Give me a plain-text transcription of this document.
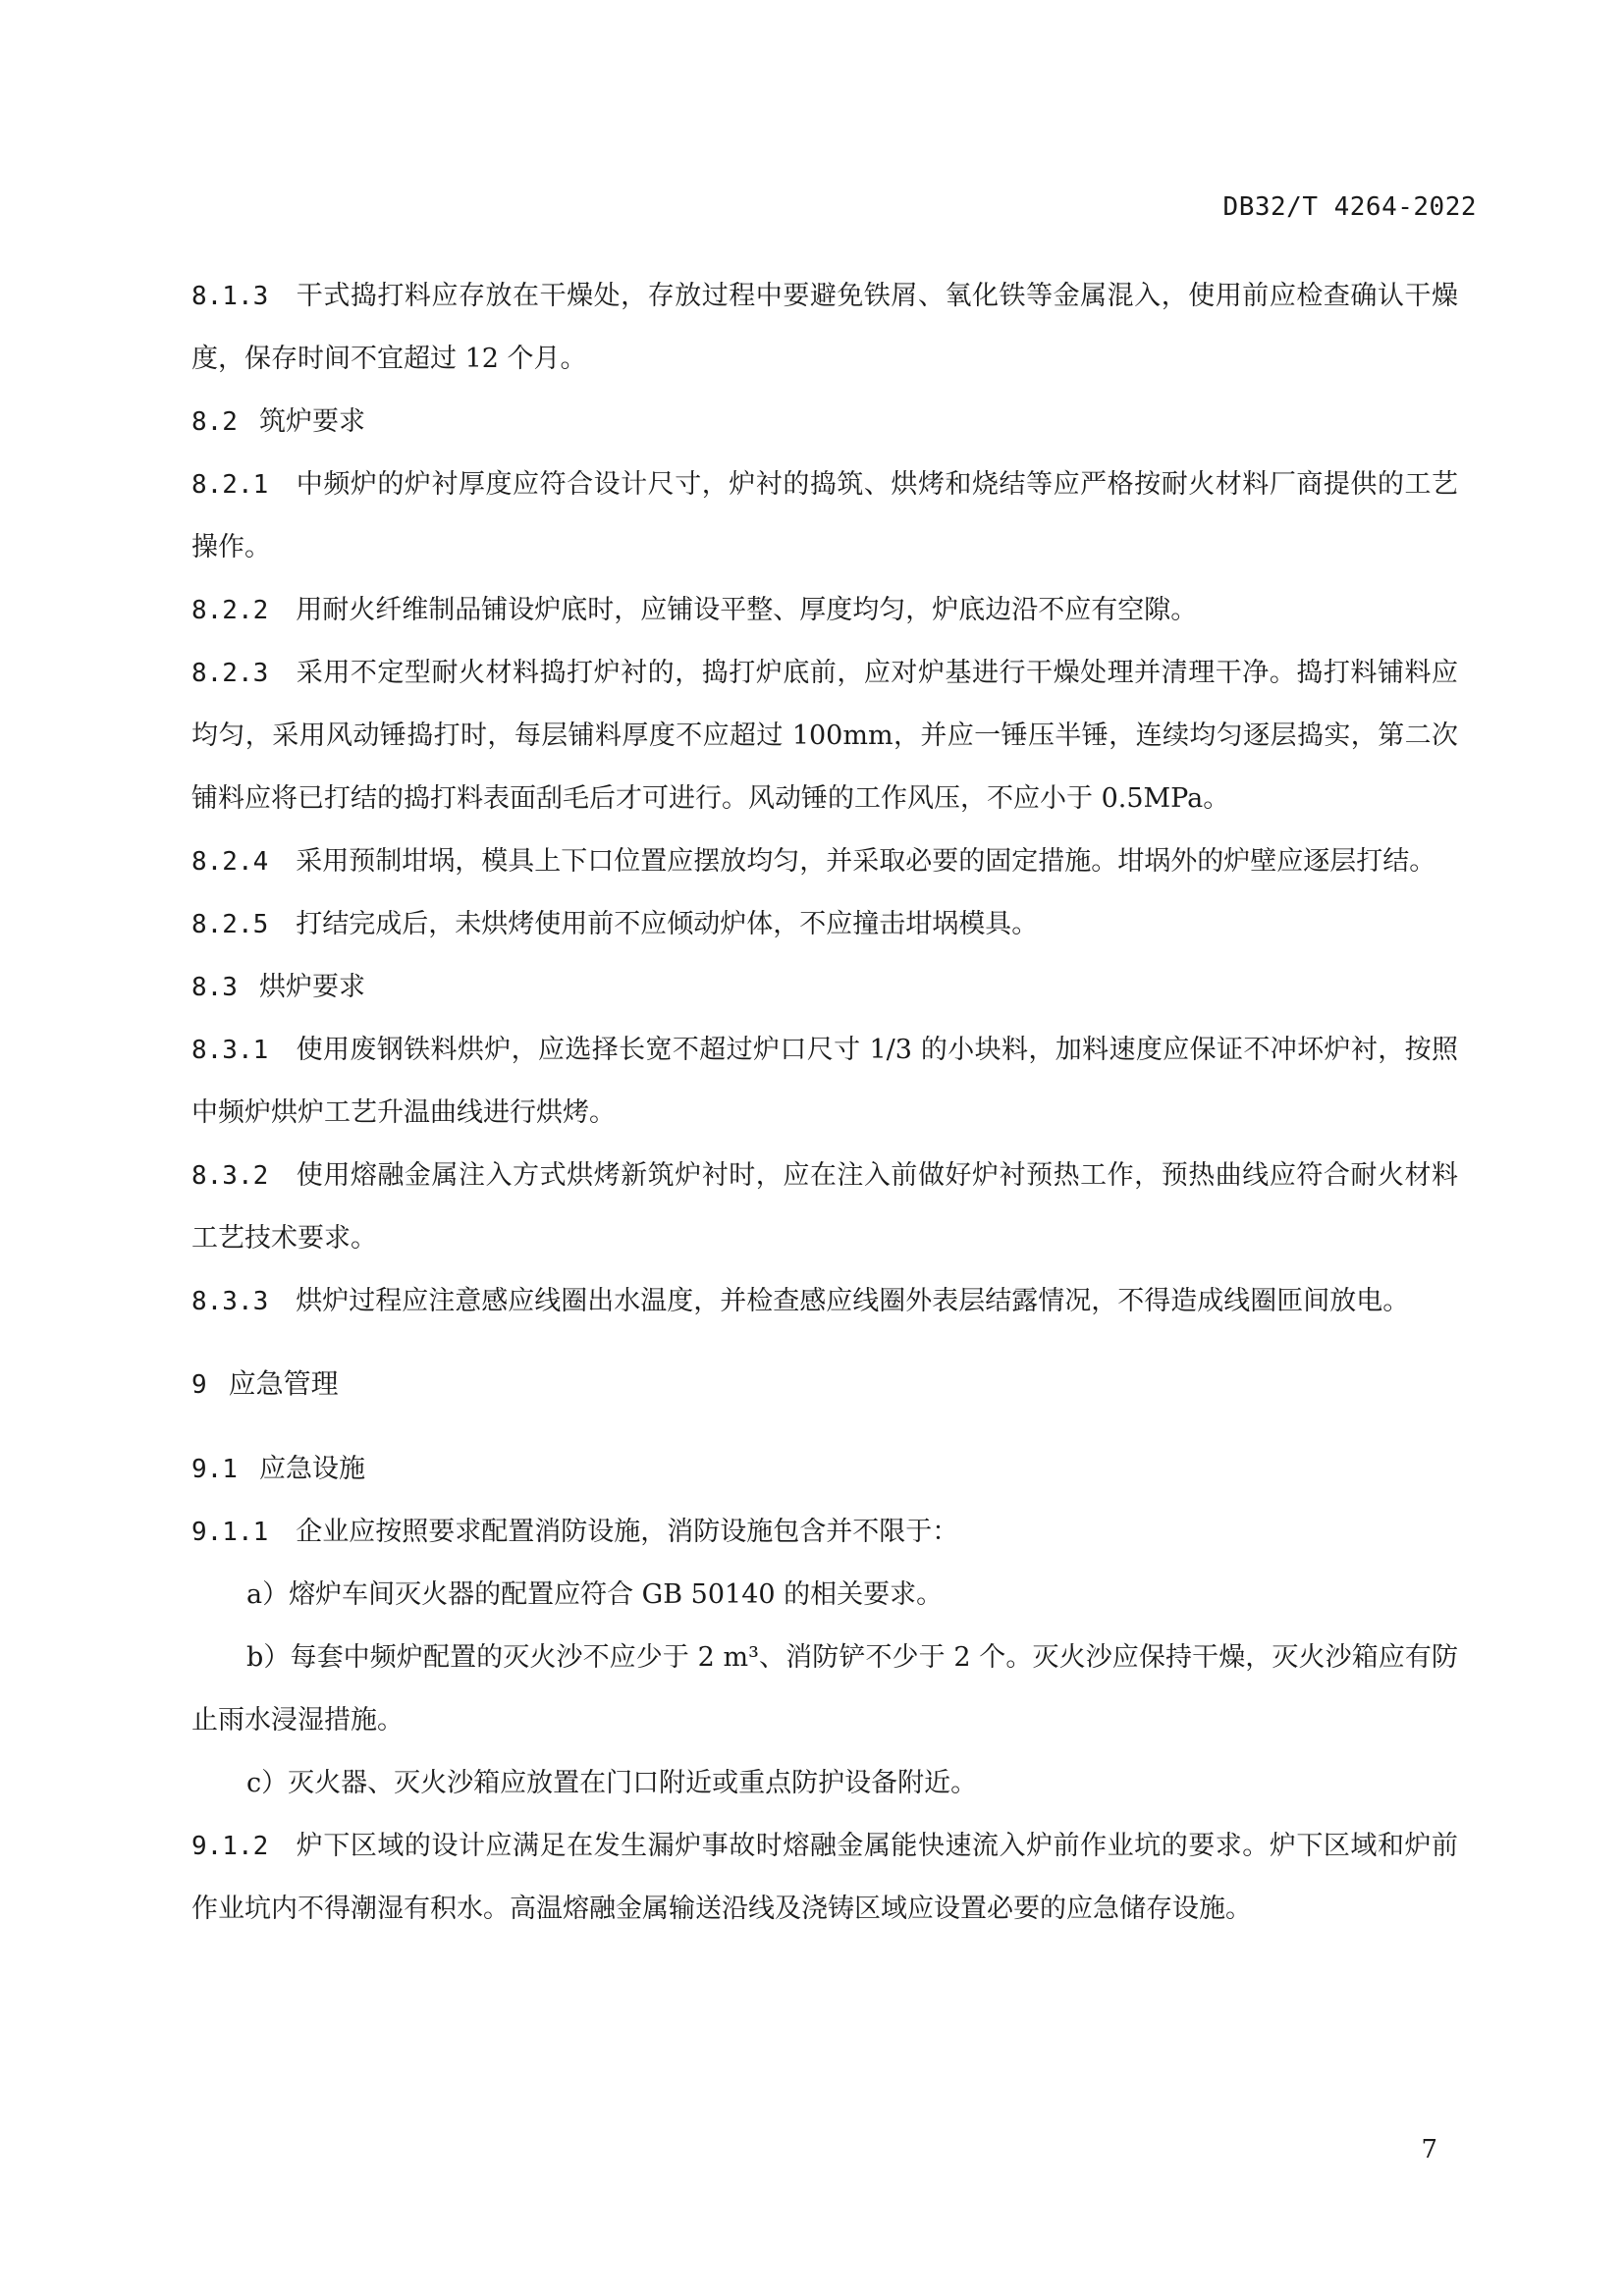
DB32/T 4264-2022

8.1.3 干式捣打料应存放在干燥处，存放过程中要避免铁屑、氧化铁等金属混入，使用前应检查确认干燥度，保存时间不宜超过 12 个月。

8.2 筑炉要求

8.2.1 中频炉的炉衬厚度应符合设计尺寸，炉衬的捣筑、烘烤和烧结等应严格按耐火材料厂商提供的工艺操作。

8.2.2 用耐火纤维制品铺设炉底时，应铺设平整、厚度均匀，炉底边沿不应有空隙。

8.2.3 采用不定型耐火材料捣打炉衬的，捣打炉底前，应对炉基进行干燥处理并清理干净。捣打料铺料应均匀，采用风动锤捣打时，每层铺料厚度不应超过 100mm，并应一锤压半锤，连续均匀逐层捣实，第二次铺料应将已打结的捣打料表面刮毛后才可进行。风动锤的工作风压，不应小于 0.5MPa。

8.2.4 采用预制坩埚，模具上下口位置应摆放均匀，并采取必要的固定措施。坩埚外的炉壁应逐层打结。

8.2.5 打结完成后，未烘烤使用前不应倾动炉体，不应撞击坩埚模具。

8.3 烘炉要求

8.3.1 使用废钢铁料烘炉，应选择长宽不超过炉口尺寸 1/3 的小块料，加料速度应保证不冲坏炉衬，按照中频炉烘炉工艺升温曲线进行烘烤。

8.3.2 使用熔融金属注入方式烘烤新筑炉衬时，应在注入前做好炉衬预热工作，预热曲线应符合耐火材料工艺技术要求。

8.3.3 烘炉过程应注意感应线圈出水温度，并检查感应线圈外表层结露情况，不得造成线圈匝间放电。

9 应急管理

9.1 应急设施

9.1.1 企业应按照要求配置消防设施，消防设施包含并不限于：

a）熔炉车间灭火器的配置应符合 GB 50140 的相关要求。

b）每套中频炉配置的灭火沙不应少于 2 m³、消防铲不少于 2 个。灭火沙应保持干燥，灭火沙箱应有防止雨水浸湿措施。

c）灭火器、灭火沙箱应放置在门口附近或重点防护设备附近。

9.1.2 炉下区域的设计应满足在发生漏炉事故时熔融金属能快速流入炉前作业坑的要求。炉下区域和炉前作业坑内不得潮湿有积水。高温熔融金属输送沿线及浇铸区域应设置必要的应急储存设施。

7
